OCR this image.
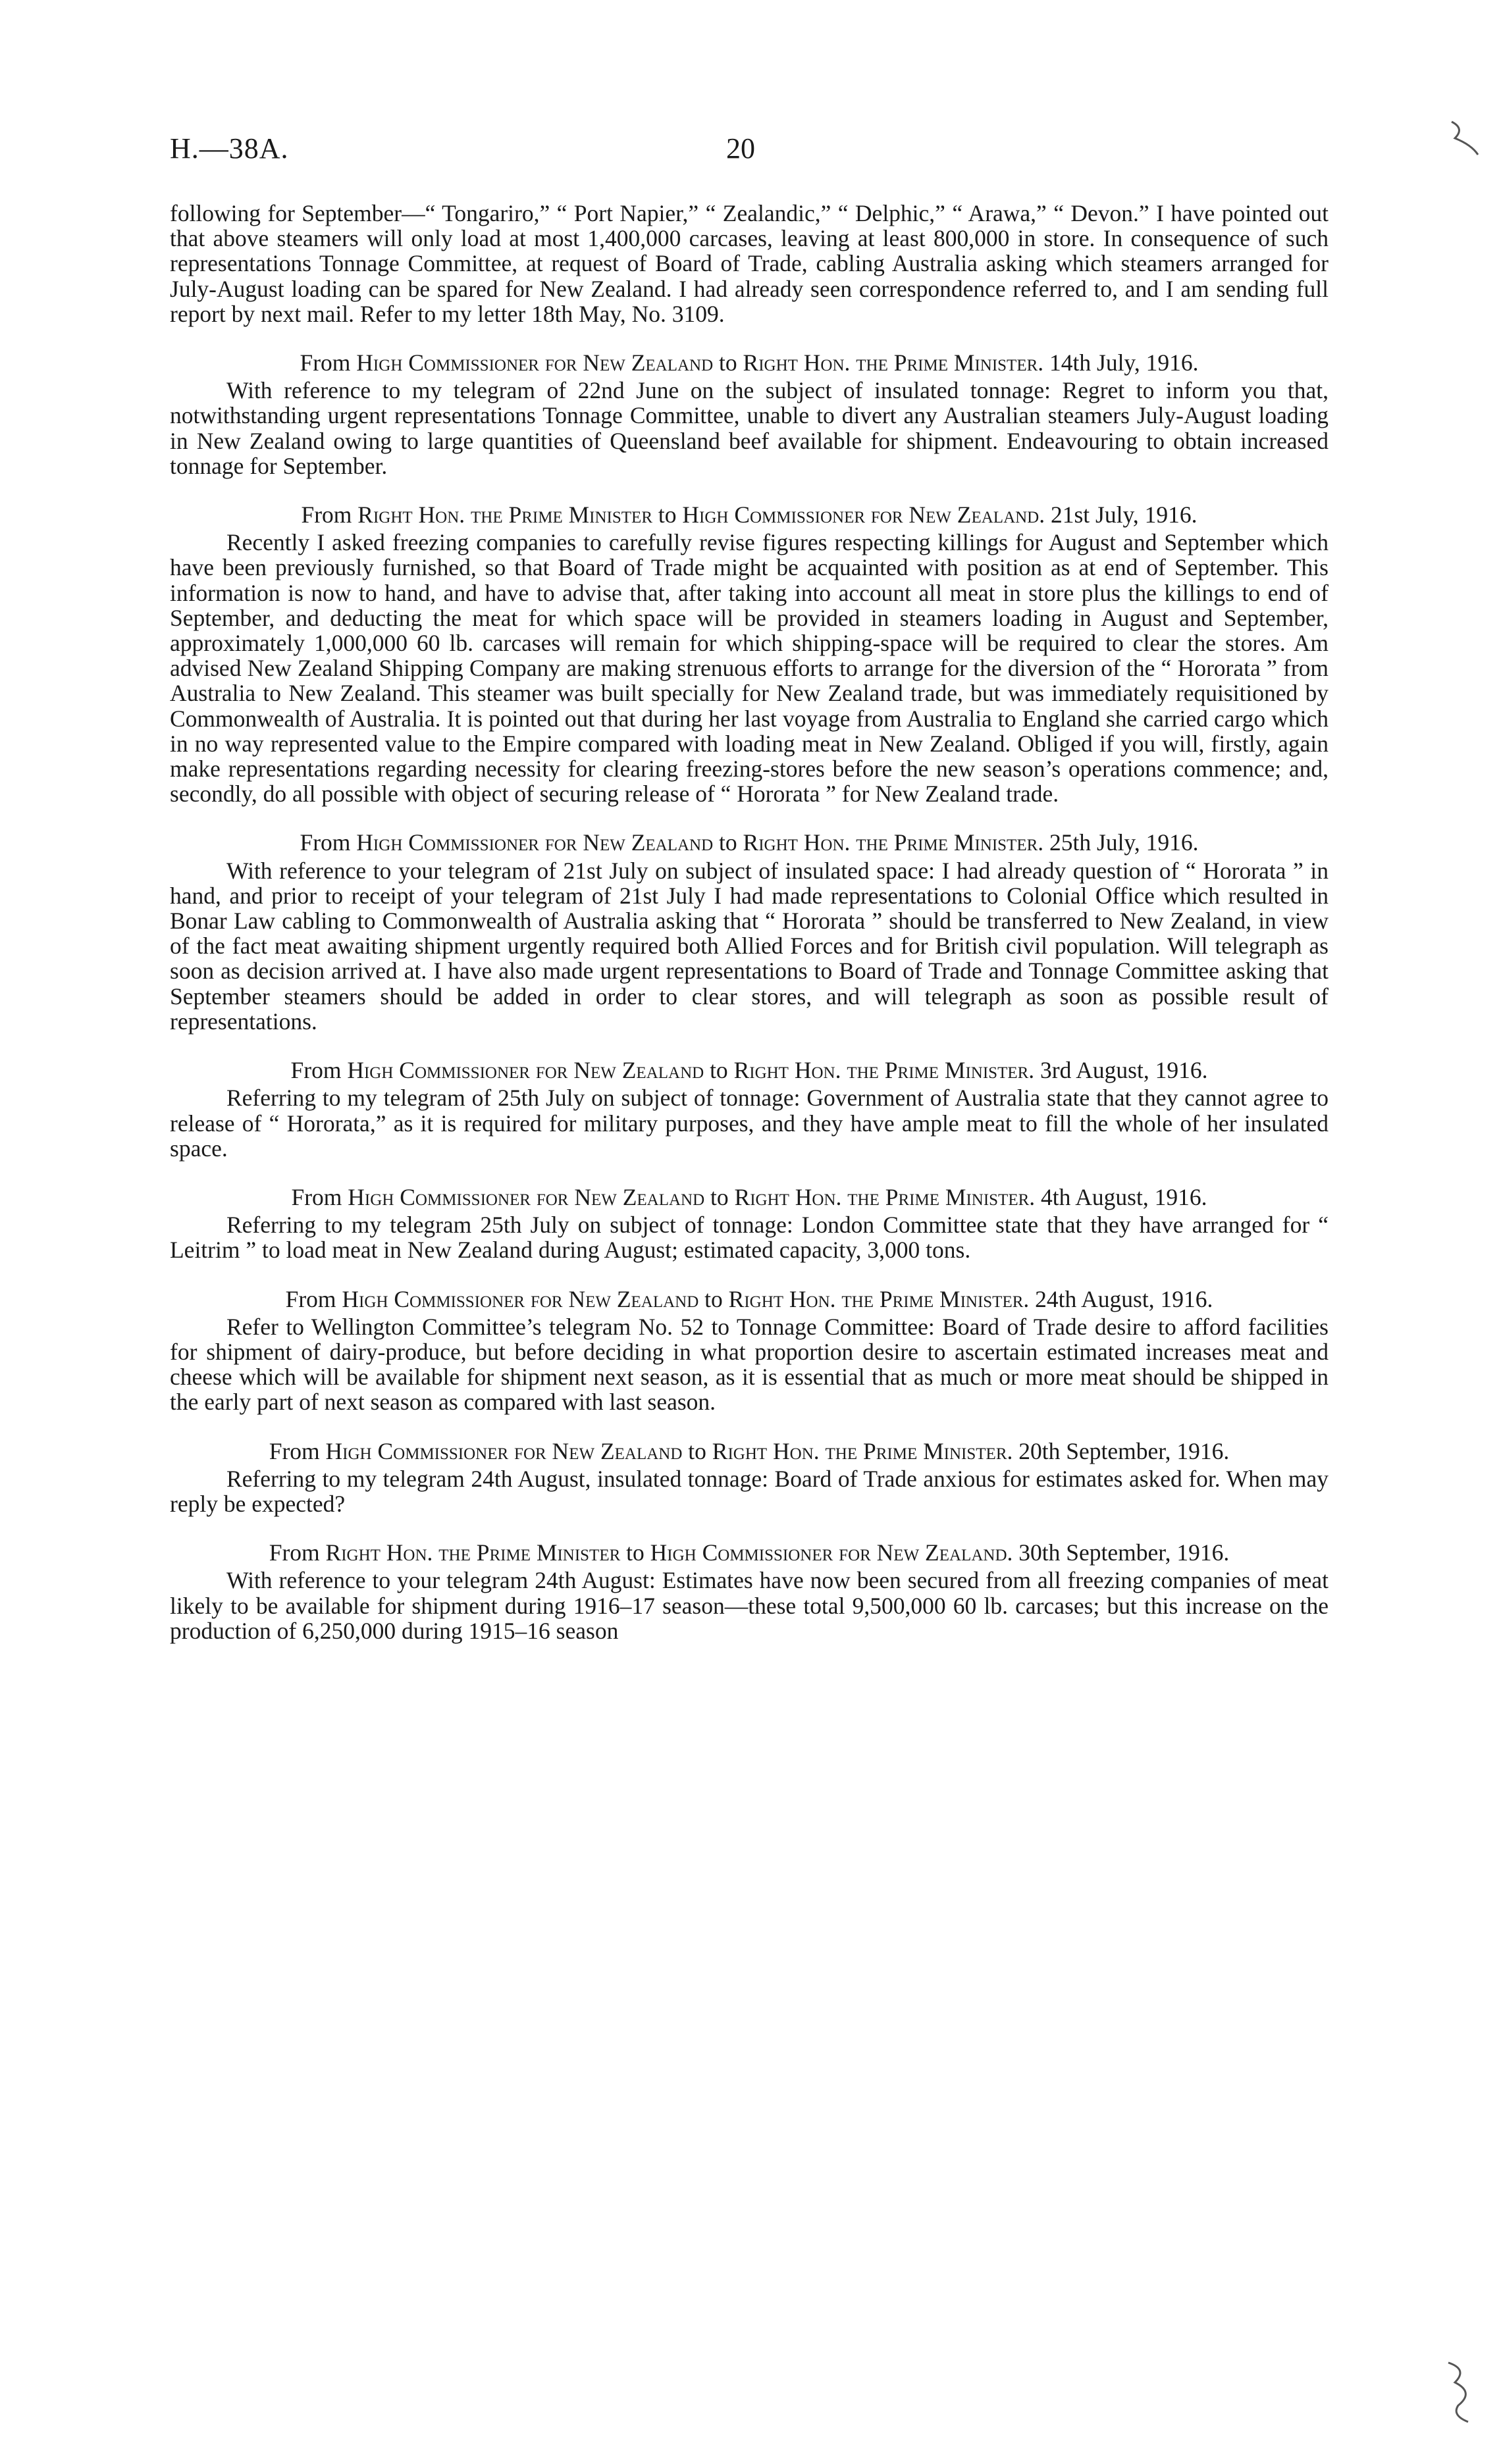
H.—38A.	20

following for September—“ Tongariro,” “ Port Napier,” “ Zealandic,” “ Delphic,” “ Arawa,” “ Devon.” I have pointed out that above steamers will only load at most 1,400,000 carcases, leaving at least 800,000 in store. In consequence of such representations Tonnage Committee, at request of Board of Trade, cabling Australia asking which steamers arranged for July-August loading can be spared for New Zealand. I had already seen correspondence referred to, and I am sending full report by next mail. Refer to my letter 18th May, No. 3109.

From High Commissioner for New Zealand to Right Hon. the Prime Minister. 14th July, 1916.

With reference to my telegram of 22nd June on the subject of insulated tonnage: Regret to inform you that, notwithstanding urgent representations Tonnage Committee, unable to divert any Australian steamers July-August loading in New Zealand owing to large quantities of Queensland beef available for shipment. Endeavouring to obtain increased tonnage for September.

From Right Hon. the Prime Minister to High Commissioner for New Zealand. 21st July, 1916.

Recently I asked freezing companies to carefully revise figures respecting killings for August and September which have been previously furnished, so that Board of Trade might be acquainted with position as at end of September. This information is now to hand, and have to advise that, after taking into account all meat in store plus the killings to end of September, and deducting the meat for which space will be provided in steamers loading in August and September, approximately 1,000,000 60 lb. carcases will remain for which shipping-space will be required to clear the stores. Am advised New Zealand Shipping Company are making strenuous efforts to arrange for the diversion of the “ Hororata ” from Australia to New Zealand. This steamer was built specially for New Zealand trade, but was immediately requisitioned by Commonwealth of Australia. It is pointed out that during her last voyage from Australia to England she carried cargo which in no way represented value to the Empire compared with loading meat in New Zealand. Obliged if you will, firstly, again make representations regarding necessity for clearing freezing-stores before the new season’s operations commence; and, secondly, do all possible with object of securing release of “ Hororata ” for New Zealand trade.

From High Commissioner for New Zealand to Right Hon. the Prime Minister. 25th July, 1916.

With reference to your telegram of 21st July on subject of insulated space: I had already question of “ Hororata ” in hand, and prior to receipt of your telegram of 21st July I had made representations to Colonial Office which resulted in Bonar Law cabling to Commonwealth of Australia asking that “ Hororata ” should be transferred to New Zealand, in view of the fact meat awaiting shipment urgently required both Allied Forces and for British civil population. Will telegraph as soon as decision arrived at. I have also made urgent representations to Board of Trade and Tonnage Committee asking that September steamers should be added in order to clear stores, and will telegraph as soon as possible result of representations.

From High Commissioner for New Zealand to Right Hon. the Prime Minister. 3rd August, 1916.

Referring to my telegram of 25th July on subject of tonnage: Government of Australia state that they cannot agree to release of “ Hororata,” as it is required for military purposes, and they have ample meat to fill the whole of her insulated space.

From High Commissioner for New Zealand to Right Hon. the Prime Minister. 4th August, 1916.

Referring to my telegram 25th July on subject of tonnage: London Committee state that they have arranged for “ Leitrim ” to load meat in New Zealand during August; estimated capacity, 3,000 tons.

From High Commissioner for New Zealand to Right Hon. the Prime Minister. 24th August, 1916.

Refer to Wellington Committee’s telegram No. 52 to Tonnage Committee: Board of Trade desire to afford facilities for shipment of dairy-produce, but before deciding in what proportion desire to ascertain estimated increases meat and cheese which will be available for shipment next season, as it is essential that as much or more meat should be shipped in the early part of next season as compared with last season.

From High Commissioner for New Zealand to Right Hon. the Prime Minister. 20th September, 1916.

Referring to my telegram 24th August, insulated tonnage: Board of Trade anxious for estimates asked for. When may reply be expected?

From Right Hon. the Prime Minister to High Commissioner for New Zealand. 30th September, 1916.

With reference to your telegram 24th August: Estimates have now been secured from all freezing companies of meat likely to be available for shipment during 1916–17 season—these total 9,500,000 60 lb. carcases; but this increase on the production of 6,250,000 during 1915–16 season
